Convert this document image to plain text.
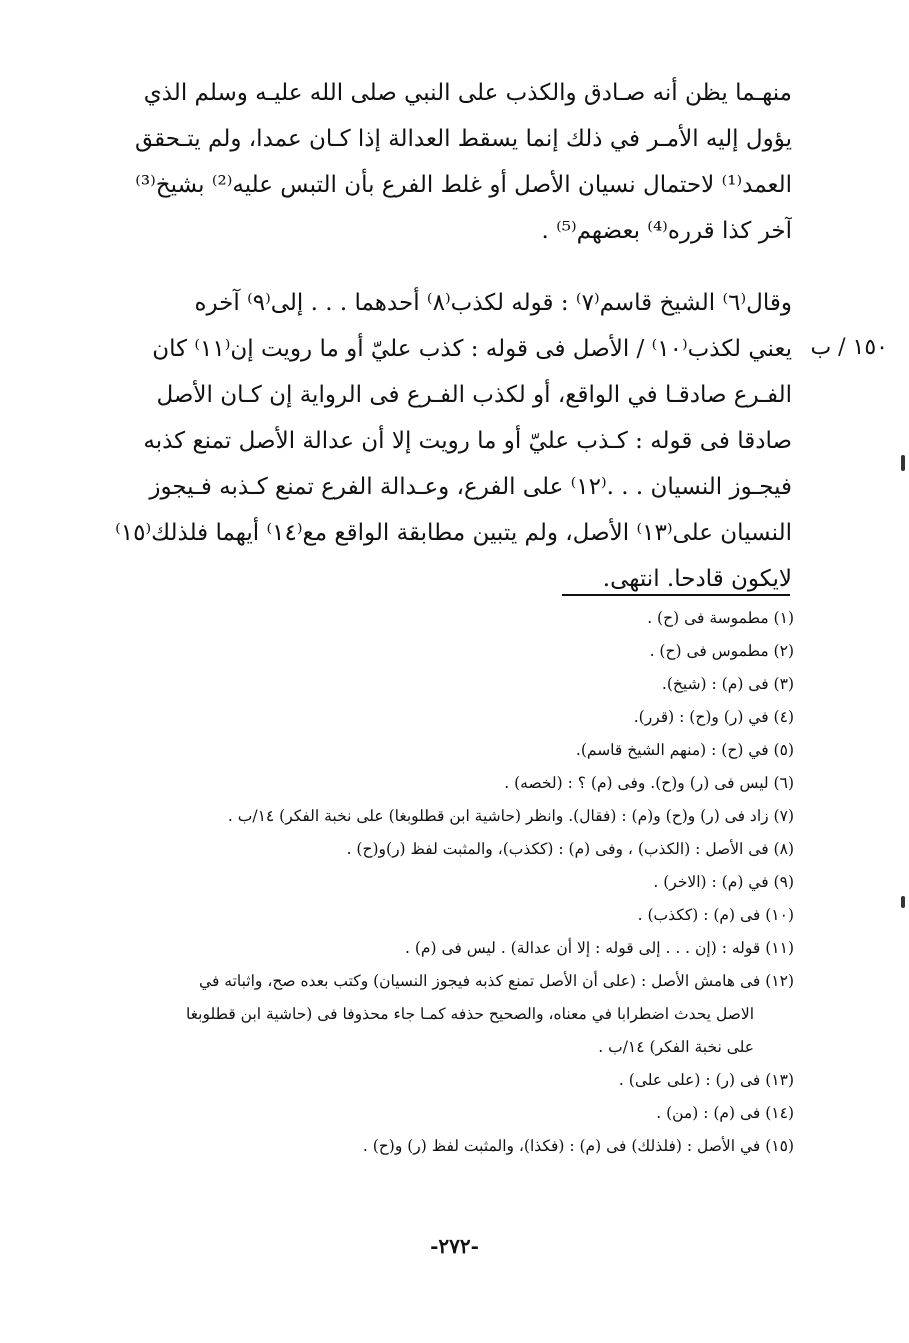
منهـما يظن أنه صـادق والكذب على النبي صلى الله عليـه وسلم الذي
يؤول إليه الأمـر في ذلك إنما يسقط العدالة إذا كـان عمدا، ولم يتـحقق
العمد⁽¹⁾ لاحتمال نسيان الأصل أو غلط الفرع بأن التبس عليه⁽²⁾ بشيخ⁽³⁾
آخر كذا قرره⁽⁴⁾ بعضهم⁽⁵⁾ .

وقال⁽٦⁾ الشيخ قاسم⁽٧⁾ : قوله لكذب⁽٨⁾ أحدهما . . . إلى⁽٩⁾ آخره
يعني لكذب⁽١٠⁾ / الأصل فى قوله : كذب عليّ أو ما رويت إن⁽١١⁾ كان
الفـرع صادقـا في الواقع، أو لكذب الفـرع فى الرواية إن كـان الأصل
صادقا فى قوله : كـذب عليّ أو ما رويت إلا أن عدالة الأصل تمنع كذبه
فيجـوز النسيان . . .⁽١٢⁾ على الفرع، وعـدالة الفرع تمنع كـذبه فـيجوز
النسيان على⁽١٣⁾ الأصل، ولم يتبين مطابقة الواقع مع⁽١٤⁾ أيهما فلذلك⁽١٥⁾
لايكون قادحا. انتهى.

١٥٠ / ب
(١) مطموسة فى (ح) .
(٢) مطموس فى (ح) .
(٣) فى (م) : (شيخ).
(٤) في (ر) و(ح) : (قرر).
(٥) في (ح) : (منهم الشيخ قاسم).
(٦) ليس فى (ر) و(ح). وفى (م) ؟ : (لخصه) .
(٧) زاد فى (ر) و(ح) و(م) : (فقال). وانظر (حاشية ابن قطلوبغا) على نخبة الفكر) ١٤/ب .
(٨) فى الأصل : (الكذب) ، وفى (م) : (ككذب)، والمثبت لفظ (ر)و(ح) .
(٩) في (م) : (الاخر) .
(١٠) فى (م) : (ككذب) .
(١١) قوله : (إن . . . إلى قوله : إلا أن عدالة) . ليس فى (م) .
(١٢) فى هامش الأصل : (على أن الأصل تمنع كذبه فيجوز النسيان) وكتب بعده صح، واثباته في
الاصل يحدث اضطرابا في معناه، والصحيح حذفه كمـا جاء محذوفا فى (حاشية ابن قطلوبغا
على نخبة الفكر) ١٤/ب .
(١٣) فى (ر) : (على على) .
(١٤) فى (م) : (من) .
(١٥) في الأصل : (فلذلك) فى (م) : (فكذا)، والمثبت لفظ (ر) و(ح) .
-٢٧٢-
